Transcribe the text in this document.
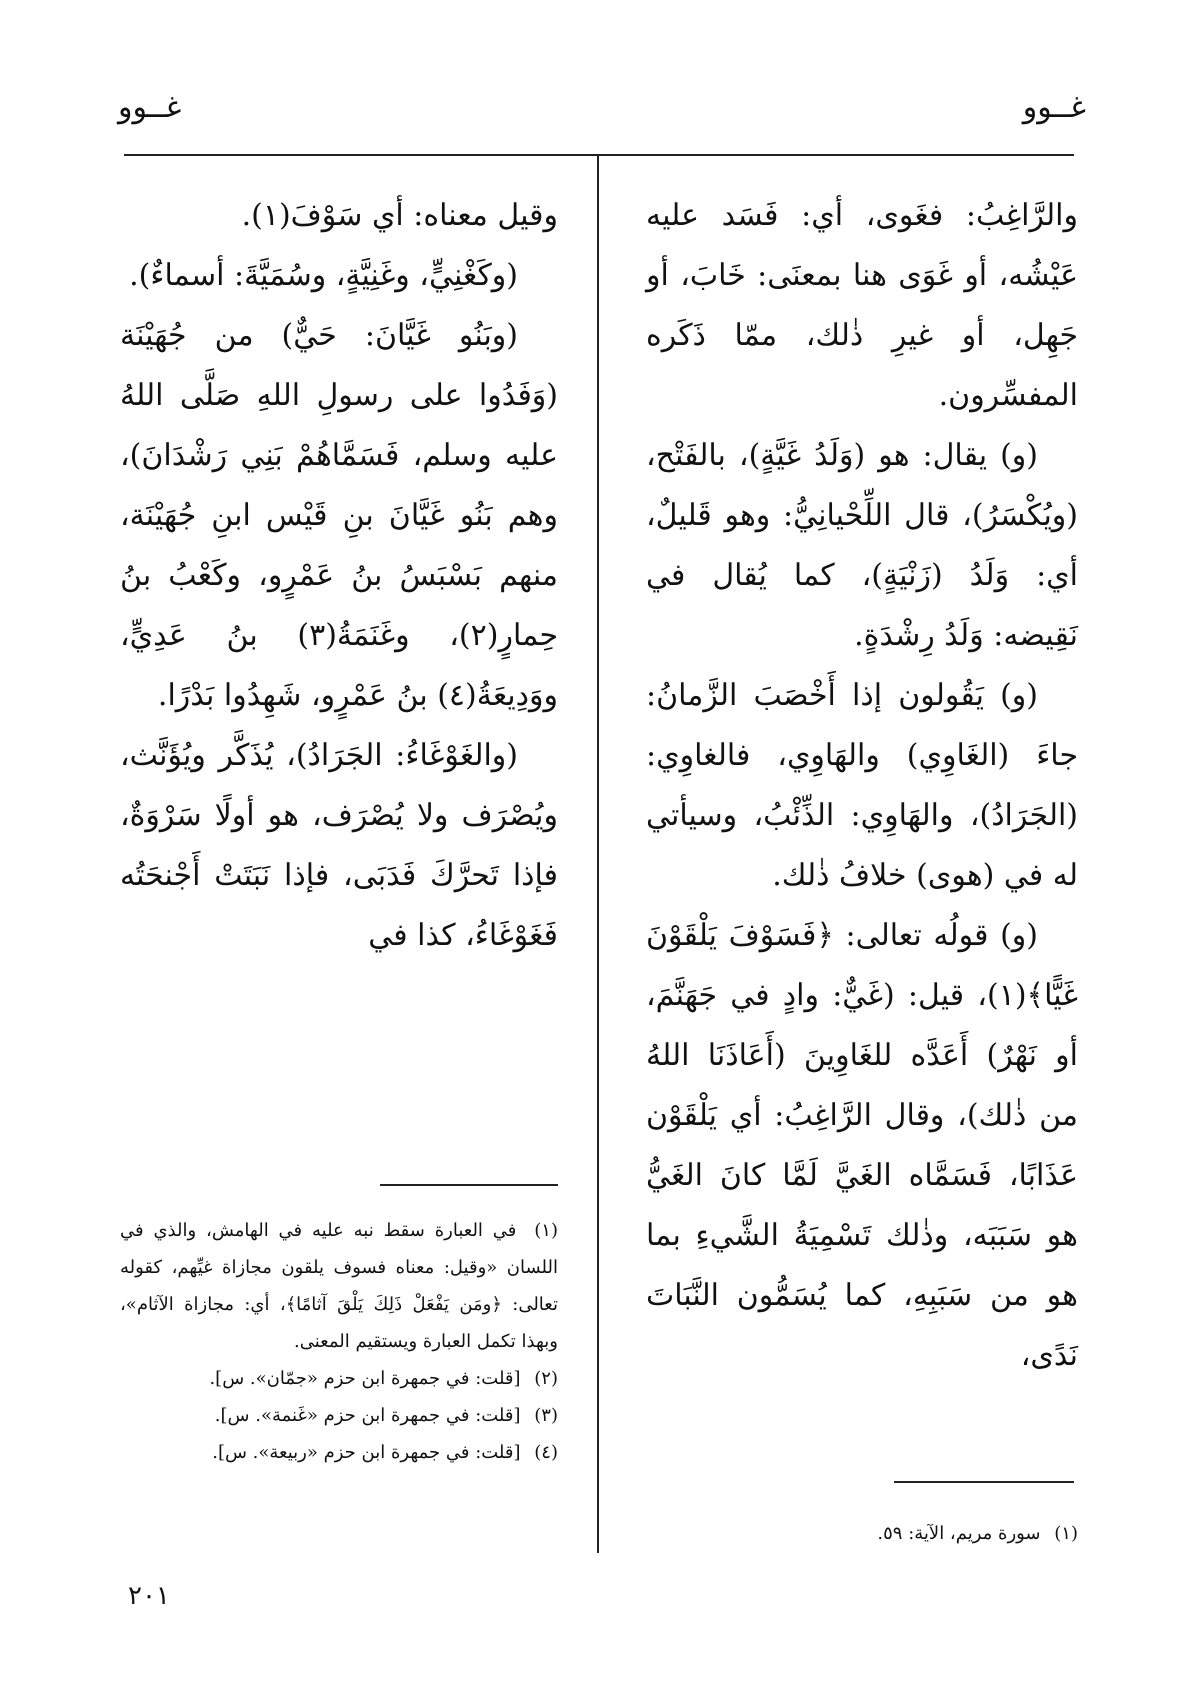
غــوو
غــوو

والرَّاغِبُ: فغَوى، أي: فَسَد عليه عَيْشُه، أو غَوَى هنا بمعنَى: خَابَ، أو جَهِل، أو غيرِ ذٰلك، ممّا ذَكَره المفسِّرون.

(و) يقال: هو (وَلَدُ غَيَّةٍ)، بالفَتْح، (ويُكْسَرُ)، قال اللِّحْيانِيُّ: وهو قَليلٌ، أي: وَلَدُ (زَنْيَةٍ)، كما يُقال في نَقِيضه: وَلَدُ رِشْدَةٍ.

(و) يَقُولون إذا أَخْصَبَ الزَّمانُ: جاءَ (الغَاوِي) والهَاوِي، فالغاوِي: (الجَرَادُ)، والهَاوِي: الذِّئْبُ، وسيأتي له في (هوى) خلافُ ذٰلك.

(و) قولُه تعالى: ﴿فَسَوْفَ يَلْقَوْنَ غَيًّا﴾(١)، قيل: (غَيٌّ: وادٍ في جَهَنَّمَ، أو نَهْرٌ) أَعَدَّه للغَاوِينَ (أَعَاذَنَا اللهُ من ذٰلك)، وقال الرَّاغِبُ: أي يَلْقَوْن عَذَابًا، فَسَمَّاه الغَيَّ لَمَّا كانَ الغَيُّ هو سَبَبَه، وذٰلك تَسْمِيَةُ الشَّيءِ بما هو من سَبَبِهِ، كما يُسَمُّون النَّبَاتَ نَدًى،

وقيل معناه: أي سَوْفَ(١).

(وكَغْنِيٍّ، وغَنِيَّةٍ، وسُمَيَّةَ: أسماءٌ).

(وبَنُو غَيَّانَ: حَيٌّ) من جُهَيْنَة (وَفَدُوا على رسولِ اللهِ صَلَّى اللهُ عليه وسلم، فَسَمَّاهُمْ بَنِي رَشْدَانَ)، وهم بَنُو غَيَّانَ بنِ قَيْس ابنِ جُهَيْنَة، منهم بَسْبَسُ بنُ عَمْرٍو، وكَعْبُ بنُ حِمارٍ(٢)، وغَنَمَةُ(٣) بنُ عَدِيٍّ، ووَدِيعَةُ(٤) بنُ عَمْرٍو، شَهِدُوا بَدْرًا.

(والغَوْغَاءُ: الجَرَادُ)، يُذَكَّر ويُؤَنَّث، ويُصْرَف ولا يُصْرَف، هو أولًا سَرْوَةٌ، فإذا تَحرَّكَ فَدَبَى، فإذا نَبَتَتْ أَجْنحَتُه فَغَوْغَاءُ، كذا في

(١) سورة مريم، الآية: ٥٩.

(١) في العبارة سقط نبه عليه في الهامش، والذي في اللسان «وقيل: معناه فسوف يلقون مجازاة غيِّهم، كقوله تعالى: ﴿ومَن يَفْعَلْ ذَلِكَ يَلْقَ آثامًا﴾، أي: مجازاة الآثام»، وبهذا تكمل العبارة ويستقيم المعنى.

(٢) [قلت: في جمهرة ابن حزم «جمّان». س].

(٣) [قلت: في جمهرة ابن حزم «غَنمة». س].

(٤) [قلت: في جمهرة ابن حزم «ربيعة». س].

٢٠١
